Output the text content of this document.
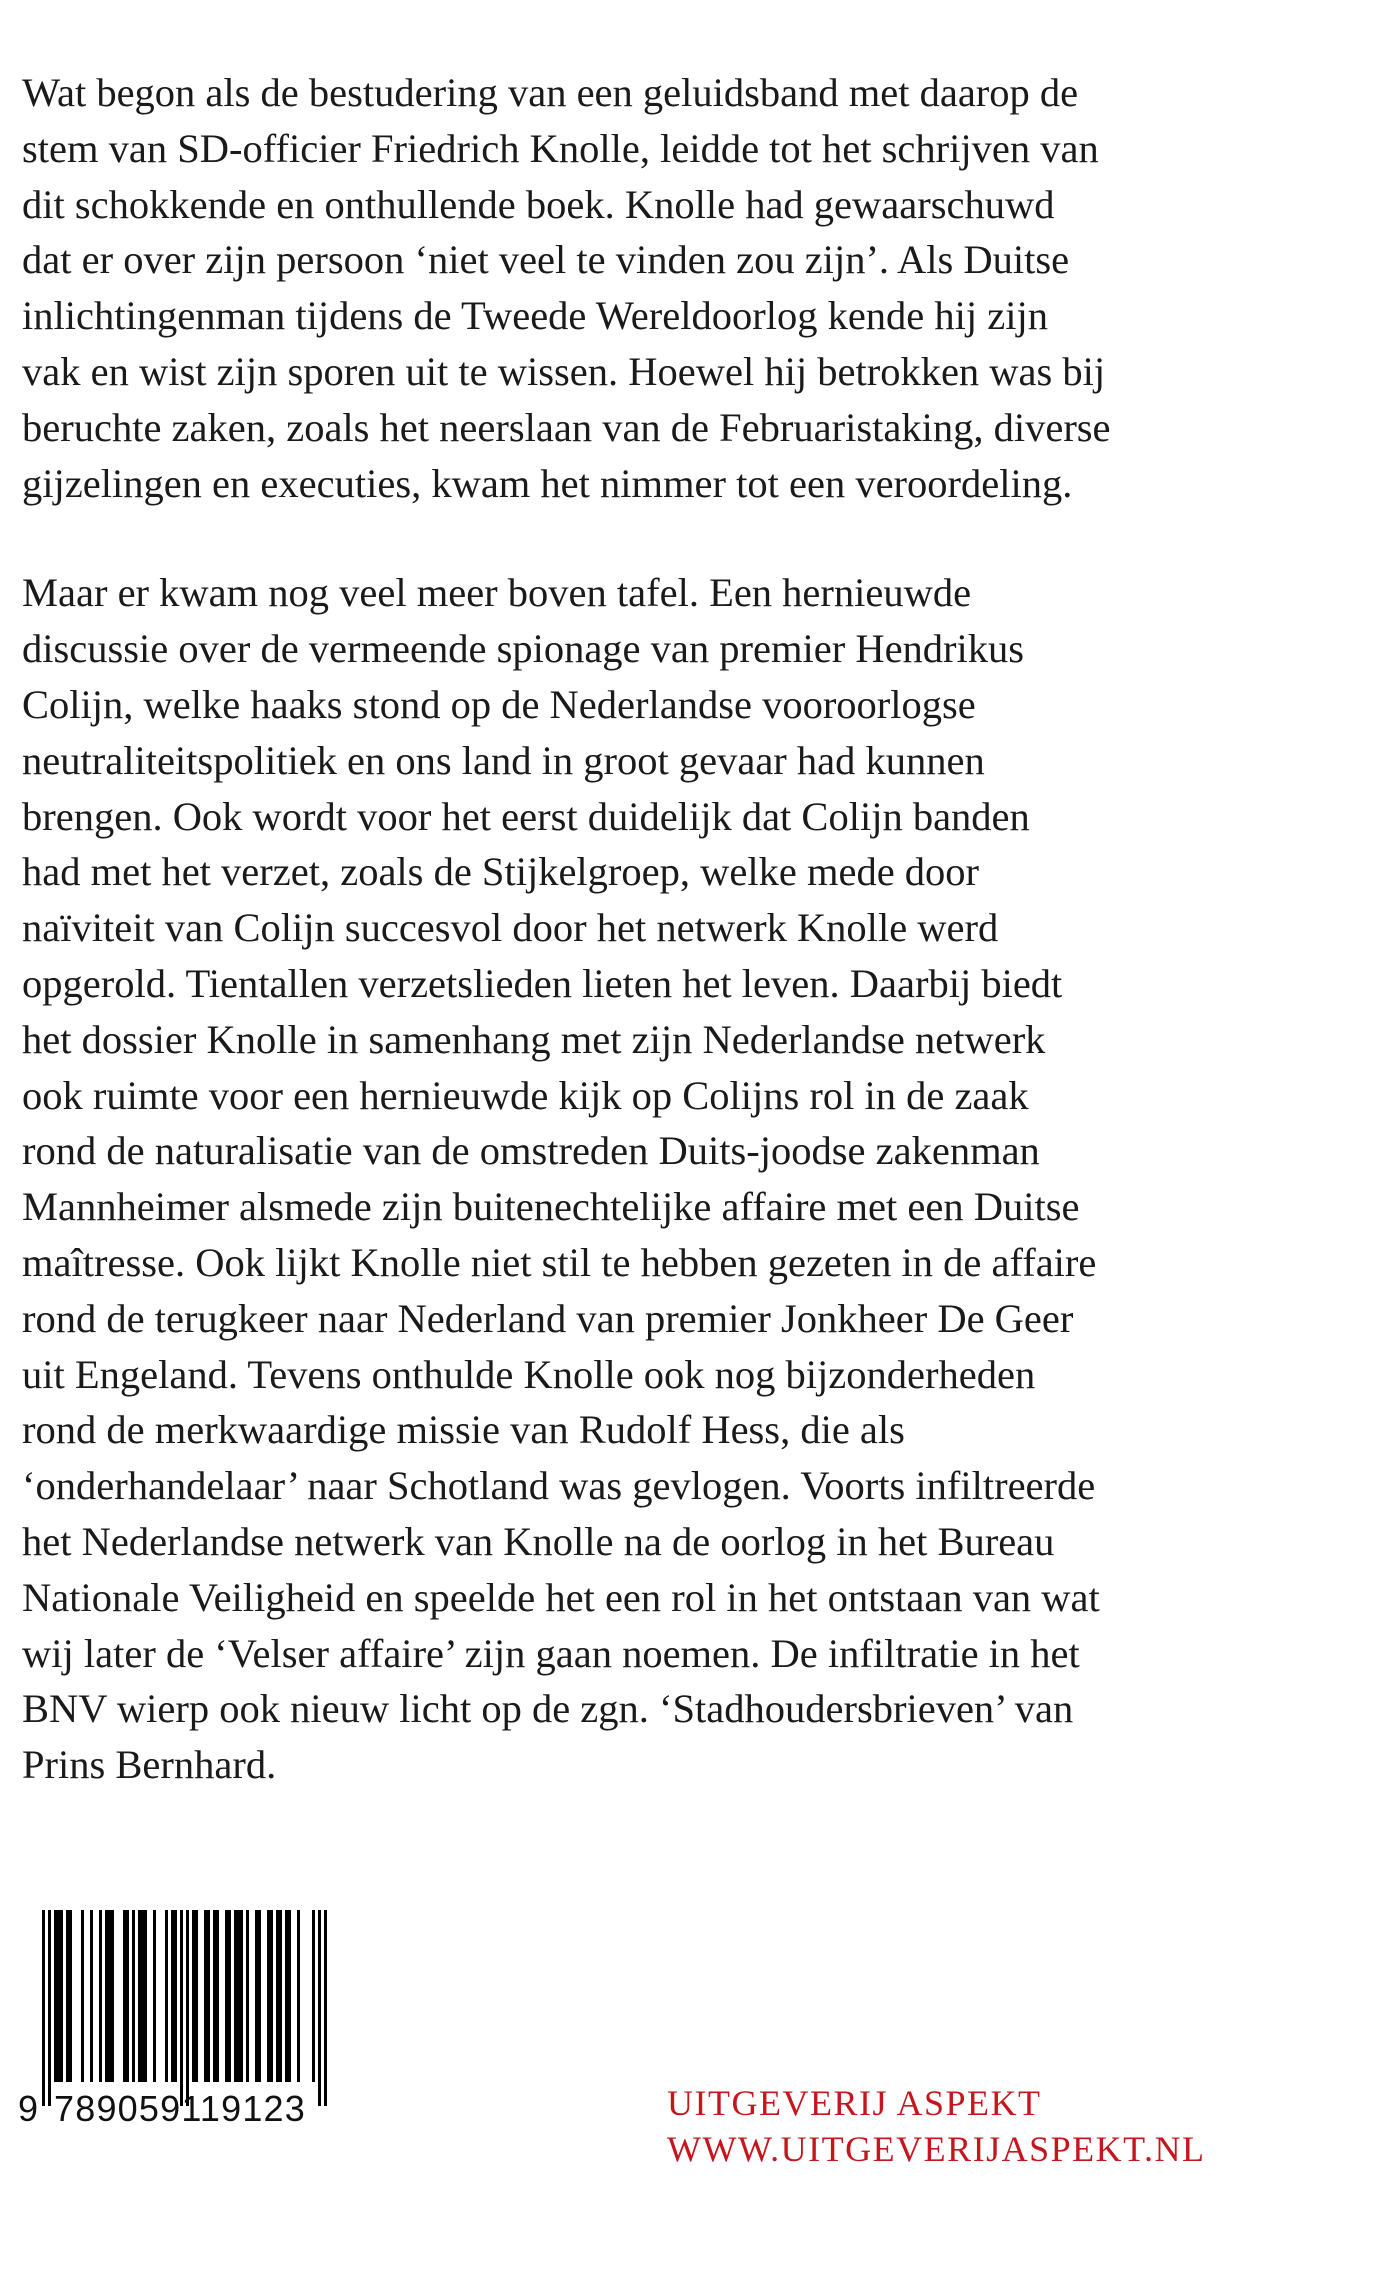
Wat begon als de bestudering van een geluidsband met daarop de
stem van SD-officier Friedrich Knolle, leidde tot het schrijven van
dit schokkende en onthullende boek. Knolle had gewaarschuwd
dat er over zijn persoon ‘niet veel te vinden zou zijn’. Als Duitse
inlichtingenman tijdens de Tweede Wereldoorlog kende hij zijn
vak en wist zijn sporen uit te wissen. Hoewel hij betrokken was bij
beruchte zaken, zoals het neerslaan van de Februaristaking, diverse
gijzelingen en executies, kwam het nimmer tot een veroordeling.

Maar er kwam nog veel meer boven tafel. Een hernieuwde
discussie over de vermeende spionage van premier Hendrikus
Colijn, welke haaks stond op de Nederlandse vooroorlogse
neutraliteitspolitiek en ons land in groot gevaar had kunnen
brengen. Ook wordt voor het eerst duidelijk dat Colijn banden
had met het verzet, zoals de Stijkelgroep, welke mede door
naïviteit van Colijn succesvol door het netwerk Knolle werd
opgerold. Tientallen verzetslieden lieten het leven. Daarbij biedt
het dossier Knolle in samenhang met zijn Nederlandse netwerk
ook ruimte voor een hernieuwde kijk op Colijns rol in de zaak
rond de naturalisatie van de omstreden Duits-joodse zakenman
Mannheimer alsmede zijn buitenechtelijke affaire met een Duitse
maîtresse. Ook lijkt Knolle niet stil te hebben gezeten in de affaire
rond de terugkeer naar Nederland van premier Jonkheer De Geer
uit Engeland. Tevens onthulde Knolle ook nog bijzonderheden
rond de merkwaardige missie van Rudolf Hess, die als
‘onderhandelaar’ naar Schotland was gevlogen. Voorts infiltreerde
het Nederlandse netwerk van Knolle na de oorlog in het Bureau
Nationale Veiligheid en speelde het een rol in het ontstaan van wat
wij later de ‘Velser affaire’ zijn gaan noemen. De infiltratie in het
BNV wierp ook nieuw licht op de zgn. ‘Stadhoudersbrieven’ van
Prins Bernhard.

9 789059119123	UITGEVERIJ ASPEKT
WWW.UITGEVERIJASPEKT.NL
